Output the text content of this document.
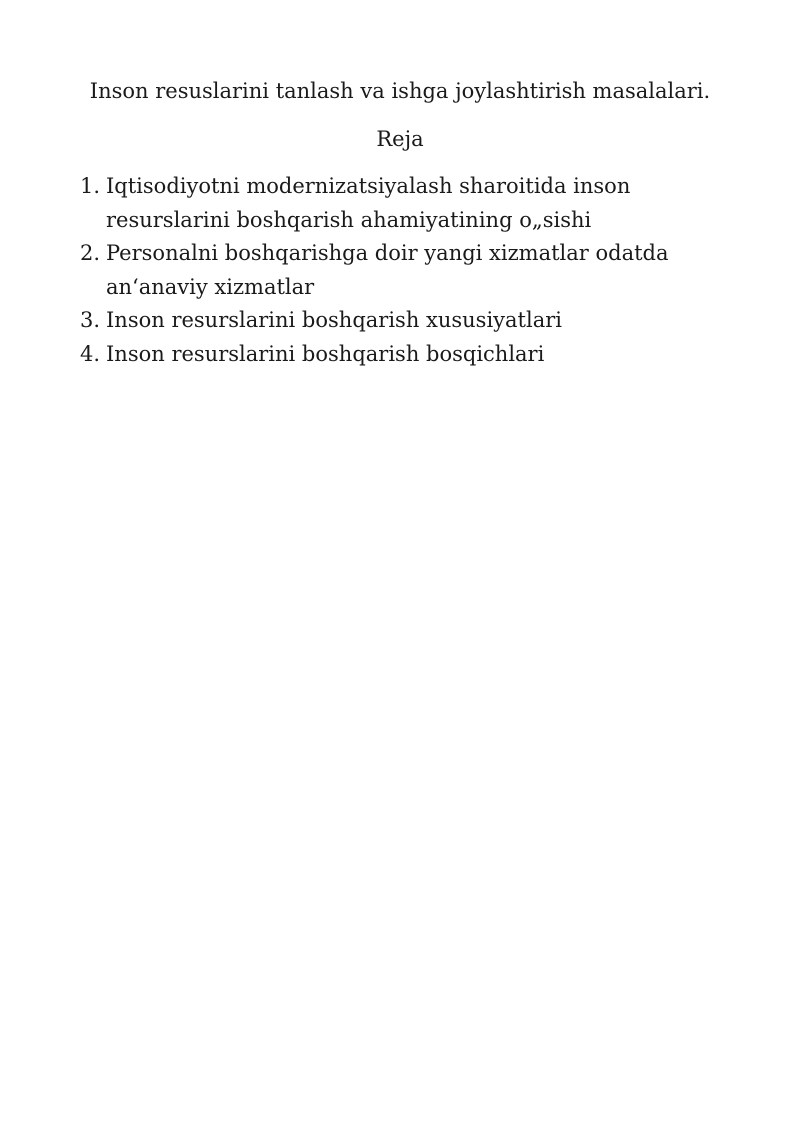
Inson resuslarini tanlash va ishga joylashtirish masalalari.
Reja
1. Iqtisodiyotni modernizatsiyalash sharoitida inson
resurslarini boshqarish ahamiyatining o„sishi
2. Personalni boshqarishga doir yangi xizmatlar odatda
an‘anaviy xizmatlar
3. Inson resurslarini boshqarish xususiyatlari
4. Inson resurslarini boshqarish bosqichlari
